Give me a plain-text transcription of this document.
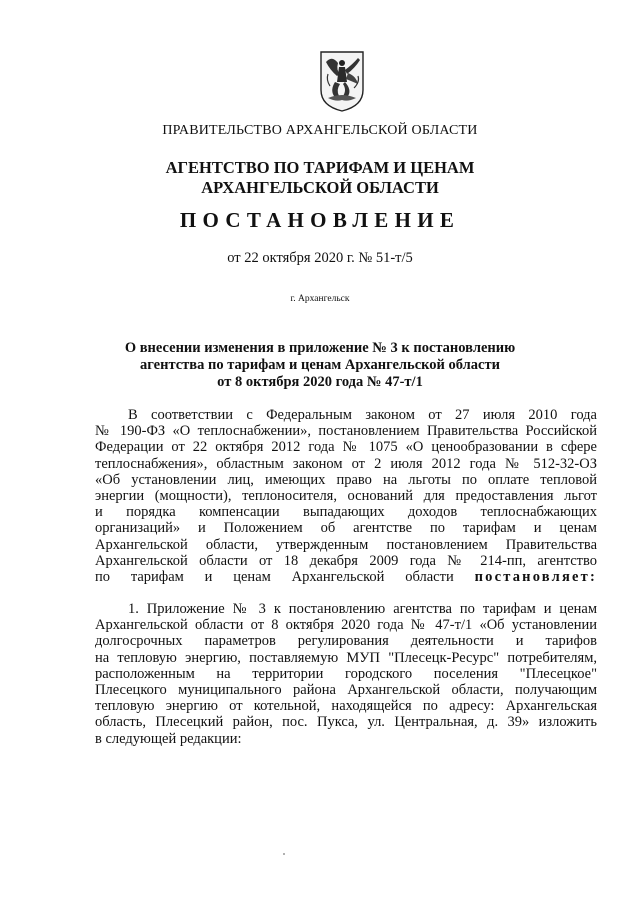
ПРАВИТЕЛЬСТВО АРХАНГЕЛЬСКОЙ ОБЛАСТИ
АГЕНТСТВО ПО ТАРИФАМ И ЦЕНАМ
АРХАНГЕЛЬСКОЙ ОБЛАСТИ
ПОСТАНОВЛЕНИЕ
от 22 октября 2020 г. № 51-т/5
г. Архангельск
О внесении изменения в приложение № 3 к постановлению
агентства по тарифам и ценам Архангельской области
от 8 октября 2020 года № 47-т/1
В соответствии с Федеральным законом от 27 июля 2010 года
№ 190-ФЗ «О теплоснабжении», постановлением Правительства Российской
Федерации от 22 октября 2012 года № 1075 «О ценообразовании в сфере
теплоснабжения», областным законом от 2 июля 2012 года № 512-32-ОЗ
«Об установлении лиц, имеющих право на льготы по оплате тепловой
энергии (мощности), теплоносителя, оснований для предоставления льгот
и порядка компенсации выпадающих доходов теплоснабжающих
организаций» и Положением об агентстве по тарифам и ценам
Архангельской области, утвержденным постановлением Правительства
Архангельской области от 18 декабря 2009 года № 214-пп, агентство
по тарифам и ценам Архангельской области постановляет:
1. Приложение № 3 к постановлению агентства по тарифам и ценам
Архангельской области от 8 октября 2020 года № 47-т/1 «Об установлении
долгосрочных параметров регулирования деятельности и тарифов
на тепловую энергию, поставляемую МУП "Плесецк-Ресурс" потребителям,
расположенным на территории городского поселения "Плесецкое"
Плесецкого муниципального района Архангельской области, получающим
тепловую энергию от котельной, находящейся по адресу: Архангельская
область, Плесецкий район, пос. Пукса, ул. Центральная, д. 39» изложить
в следующей редакции:
